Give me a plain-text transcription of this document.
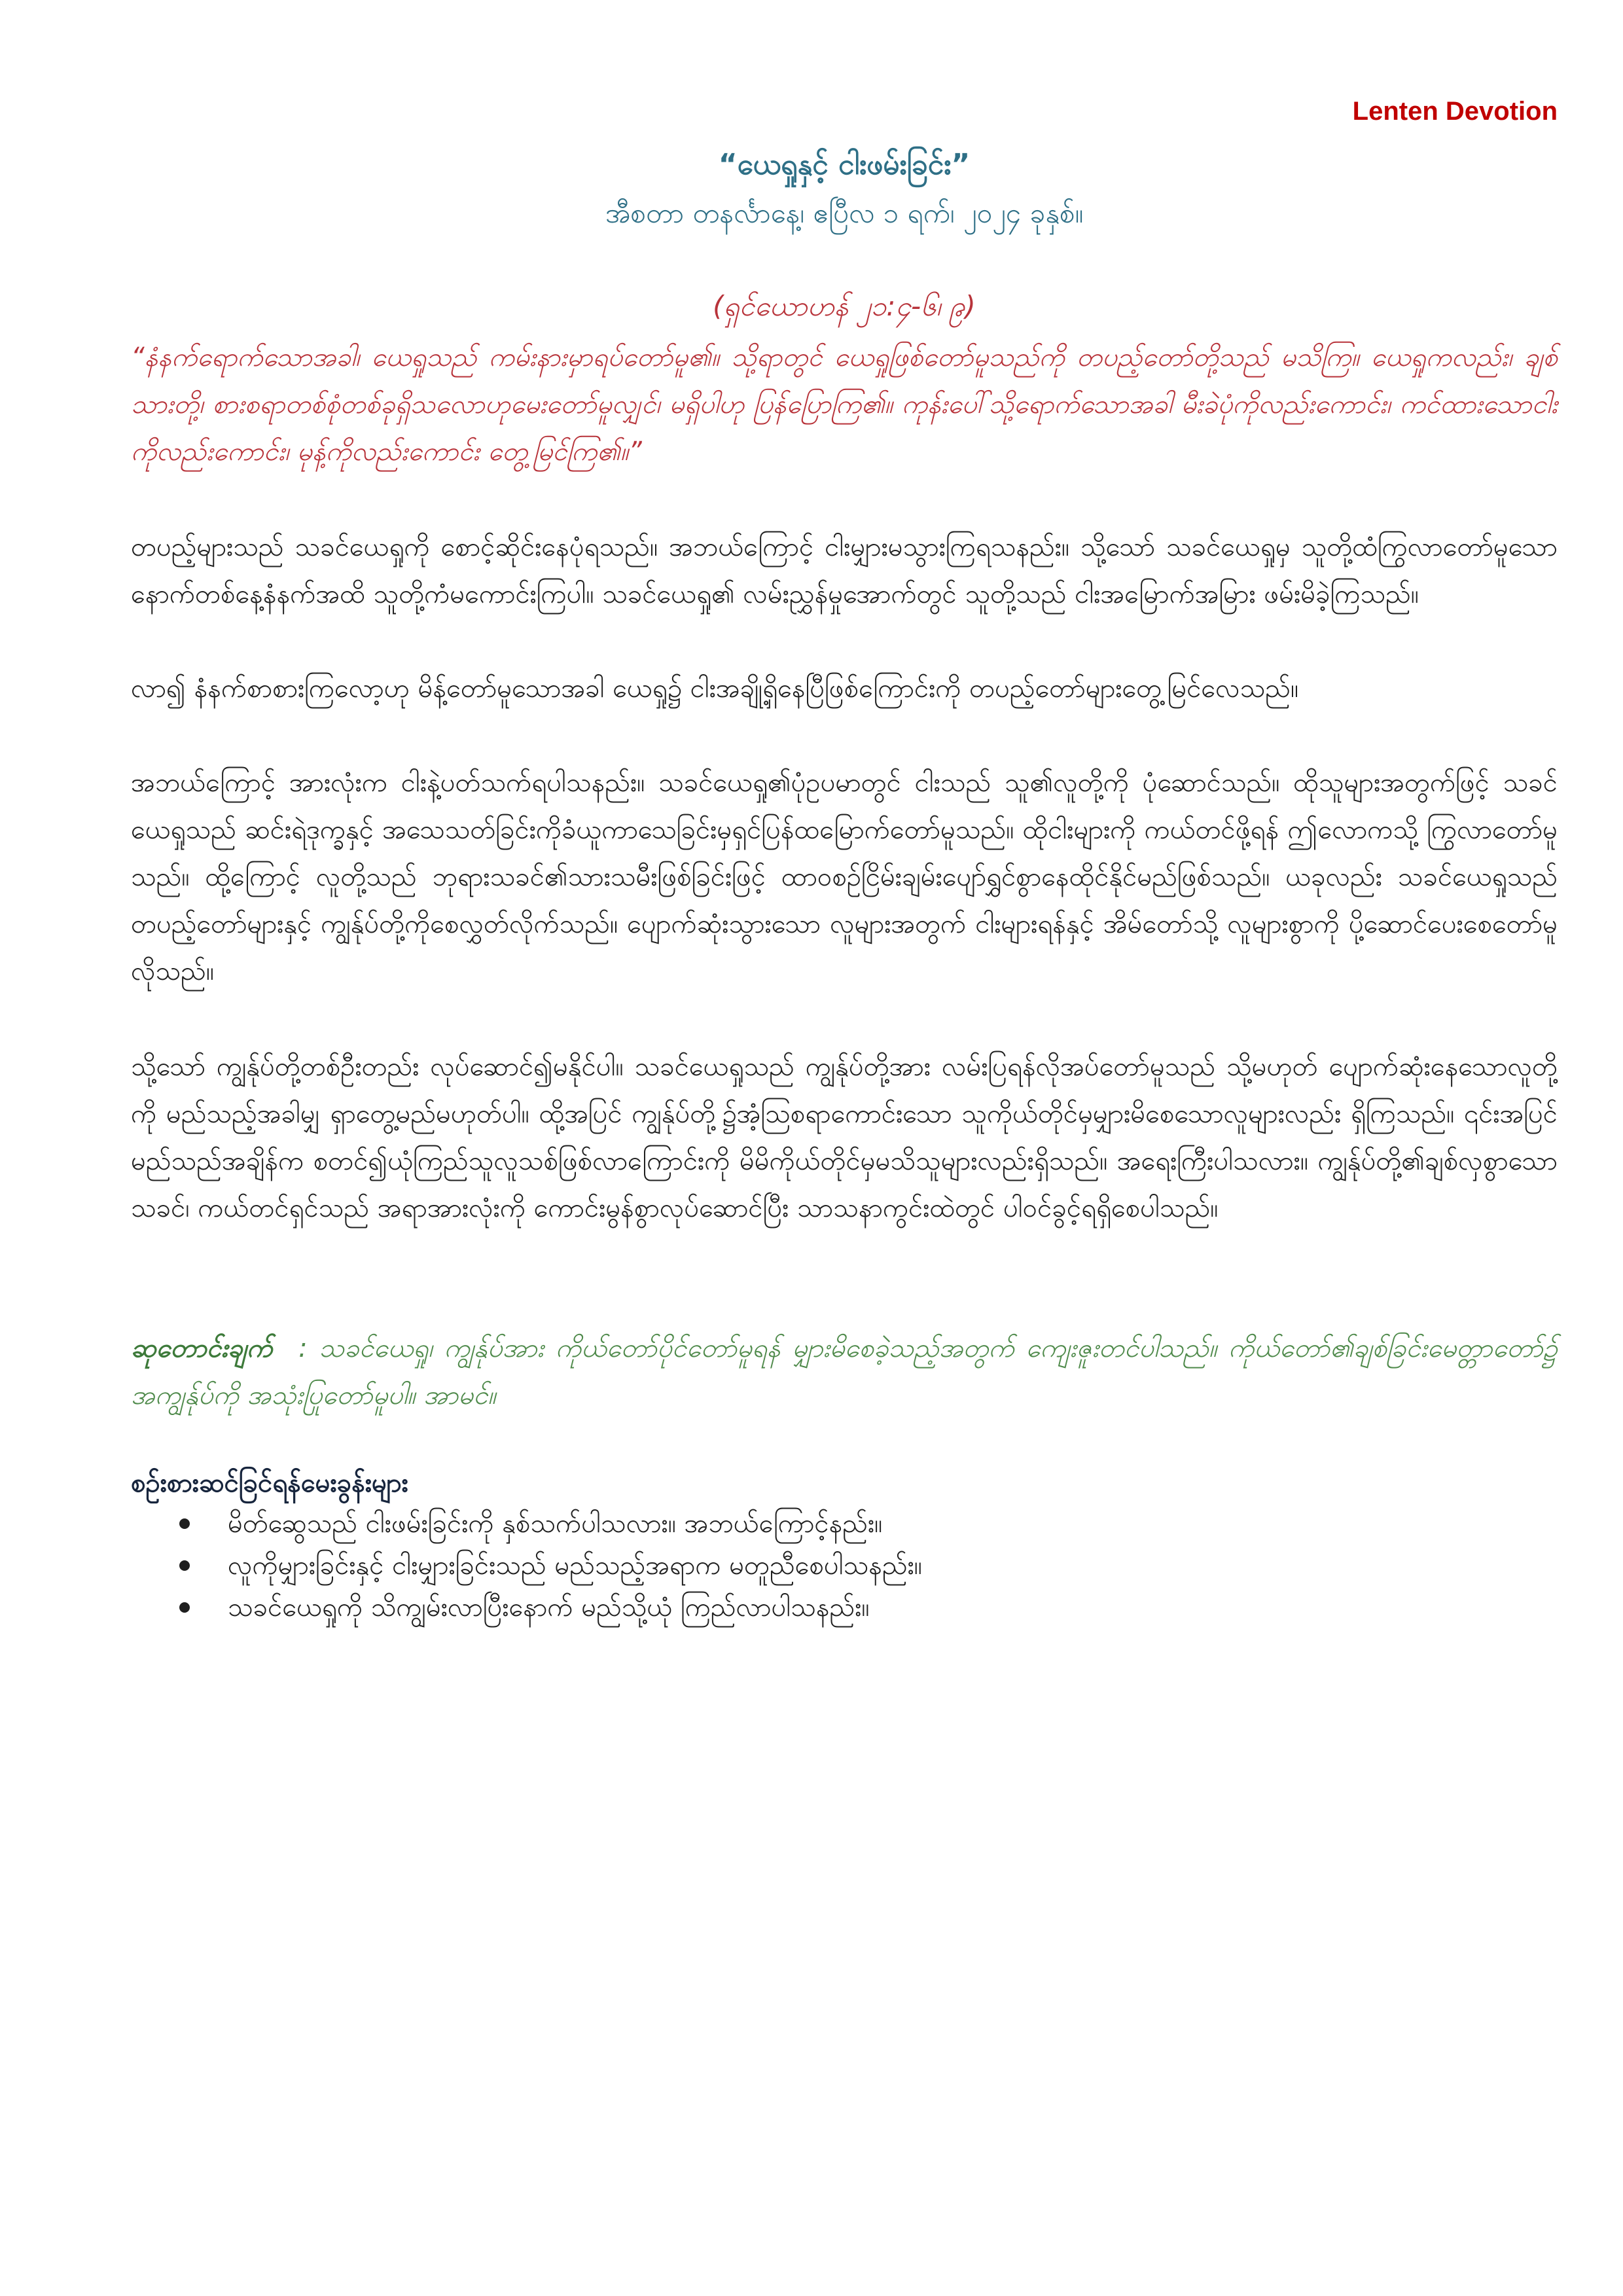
Lenten Devotion
“ယေရှုနှင့် ငါးဖမ်းခြင်း”
အီစတာ တနင်္လာနေ့၊ ဧပြီလ ၁ ရက်၊ ၂၀၂၄ ခုနှစ်။
(ရှင်ယောဟန် ၂၁:၄-၆၊ ၉)

“နံနက်ရောက်သောအခါ၊ ယေရှုသည် ကမ်းနားမှာရပ်တော်မူ၏။ သို့ရာတွင် ယေရှုဖြစ်တော်မူသည်ကို တပည့်တော်တို့သည် မသိကြ။ ယေရှုကလည်း၊ ချစ်သားတို့၊ စားစရာတစ်စုံတစ်ခုရှိသလောဟုမေးတော်မူလျှင်၊ မရှိပါဟု ပြန်ပြောကြ၏။ ကုန်းပေါ်သို့ရောက်သောအခါ မီးခဲပုံကိုလည်းကောင်း၊ ကင်ထားသောငါးကိုလည်းကောင်း၊ မုန့်ကိုလည်းကောင်း တွေ့မြင်ကြ၏။”

တပည့်များသည် သခင်ယေရှုကို စောင့်ဆိုင်းနေပုံရသည်။ အဘယ်ကြောင့် ငါးမျှားမသွားကြရသနည်း။ သို့သော် သခင်ယေရှုမှ သူတို့ထံကြွလာတော်မူသော နောက်တစ်နေ့နံနက်အထိ သူတို့ကံမကောင်းကြပါ။ သခင်ယေရှု၏ လမ်းညွှန်မှုအောက်တွင် သူတို့သည် ငါးအမြောက်အမြား ဖမ်းမိခဲ့ကြသည်။

လာ၍ နံနက်စာစားကြလော့ဟု မိန့်တော်မူသောအခါ ယေရှု၌ ငါးအချို့ရှိနေပြီဖြစ်ကြောင်းကို တပည့်တော်များတွေ့မြင်လေသည်။

အဘယ်ကြောင့် အားလုံးက ငါးနဲ့ပတ်သက်ရပါသနည်း။ သခင်ယေရှု၏ပုံဥပမာတွင် ငါးသည် သူ၏လူတို့ကို ပုံဆောင်သည်။ ထိုသူများအတွက်ဖြင့် သခင်ယေရှုသည် ဆင်းရဲဒုက္ခနှင့် အသေသတ်ခြင်းကိုခံယူကာသေခြင်းမှရှင်ပြန်ထမြောက်တော်မူသည်။ ထိုငါးများကို ကယ်တင်ဖို့ရန် ဤလောကသို့ ကြွလာတော်မူသည်။ ထို့ကြောင့် လူတို့သည် ဘုရားသခင်၏သားသမီးဖြစ်ခြင်းဖြင့် ထာဝစဉ်ငြိမ်းချမ်းပျော်ရွှင်စွာနေထိုင်နိုင်မည်ဖြစ်သည်။ ယခုလည်း သခင်ယေရှုသည် တပည့်တော်များနှင့် ကျွန်ုပ်တို့ကိုစေလွှတ်လိုက်သည်။ ပျောက်ဆုံးသွားသော လူများအတွက် ငါးများရန်နှင့် အိမ်တော်သို့ လူများစွာကို ပို့ဆောင်ပေးစေတော်မူလိုသည်။

သို့သော် ကျွန်ုပ်တို့တစ်ဦးတည်း လုပ်ဆောင်၍မနိုင်ပါ။ သခင်ယေရှုသည် ကျွန်ုပ်တို့အား လမ်းပြရန်လိုအပ်တော်မူသည် သို့မဟုတ် ပျောက်ဆုံးနေသောလူတို့ကို မည်သည့်အခါမျှ ရှာတွေ့မည်မဟုတ်ပါ။ ထို့အပြင် ကျွန်ုပ်တို့၌အံ့သြစရာကောင်းသော သူကိုယ်တိုင်မှမျှားမိစေသောလူများလည်း ရှိကြသည်။ ၎င်းအပြင် မည်သည်အချိန်က စတင်၍ယုံကြည်သူလူသစ်ဖြစ်လာကြောင်းကို မိမိကိုယ်တိုင်မှမသိသူများလည်းရှိသည်။ အရေးကြီးပါသလား။ ကျွန်ုပ်တို့၏ချစ်လှစွာသောသခင်၊ ကယ်တင်ရှင်သည် အရာအားလုံးကို ကောင်းမွန်စွာလုပ်ဆောင်ပြီး သာသနာကွင်းထဲတွင် ပါဝင်ခွင့်ရရှိစေပါသည်။

ဆုတောင်းချက် : သခင်ယေရှု၊ ကျွန်ုပ်အား ကိုယ်တော်ပိုင်တော်မူရန် မျှားမိစေခဲ့သည့်အတွက် ကျေးဇူးတင်ပါသည်။ ကိုယ်တော်၏ချစ်ခြင်းမေတ္တာတော်၌ အကျွန်ုပ်ကို အသုံးပြုတော်မူပါ။ အာမင်။

စဉ်းစားဆင်ခြင်ရန်မေးခွန်းများ
မိတ်ဆွေသည် ငါးဖမ်းခြင်းကို နှစ်သက်ပါသလား။ အဘယ်ကြောင့်နည်း။
လူကိုမျှားခြင်းနှင့် ငါးမျှားခြင်းသည် မည်သည့်အရာက မတူညီစေပါသနည်း။
သခင်ယေရှုကို သိကျွမ်းလာပြီးနောက် မည်သို့ယုံ ကြည်လာပါသနည်း။
